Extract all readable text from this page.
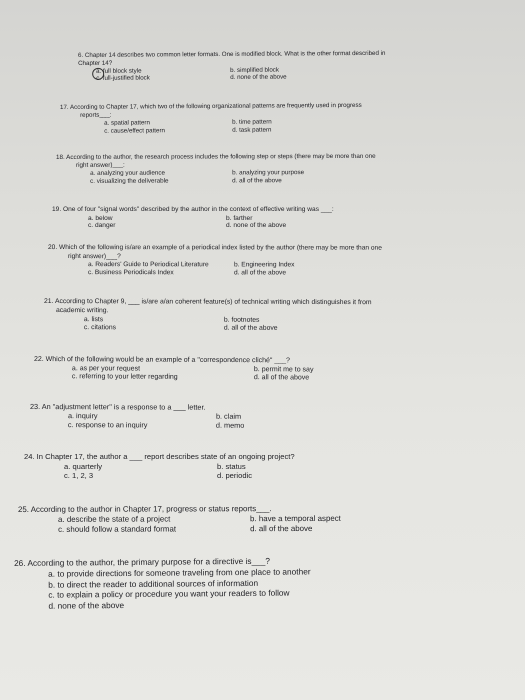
6. Chapter 14 describes two common letter formats. One is modified block. What is the other format described in
Chapter 14?
a. full block style	b. simplified block
c. full-justified block	d. none of the above
17. According to Chapter 17, which two of the following organizational patterns are frequently used in progress
reports___:
a. spatial pattern	b. time pattern
c. cause/effect pattern	d. task pattern
18. According to the author, the research process includes the following step or steps (there may be more than one
right answer)___:
a. analyzing your audience	b. analyzing your purpose
c. visualizing the deliverable	d. all of the above
19. One of four "signal words" described by the author in the context of effective writing was ___:
a. below	b. farther
c. danger	d. none of the above
20. Which of the following is/are an example of a periodical index listed by the author (there may be more than one
right answer)___?
a. Readers' Guide to Periodical Literature	b. Engineering Index
c. Business Periodicals Index	d. all of the above
21. According to Chapter 9, ___ is/are a/an coherent feature(s) of technical writing which distinguishes it from
academic writing.
a. lists	b. footnotes
c. citations	d. all of the above
22. Which of the following would be an example of a "correspondence cliché" ___?
a. as per your request	b. permit me to say
c. referring to your letter regarding	d. all of the above
23. An "adjustment letter" is a response to a ___ letter.
a. inquiry	b. claim
c. response to an inquiry	d. memo
24. In Chapter 17, the author a ___ report describes state of an ongoing project?
a. quarterly	b. status
c. 1, 2, 3	d. periodic
25. According to the author in Chapter 17, progress or status reports___.
a. describe the state of a project	b. have a temporal aspect
c. should follow a standard format	d. all of the above
26. According to the author, the primary purpose for a directive is___?
a. to provide directions for someone traveling from one place to another
b. to direct the reader to additional sources of information
c. to explain a policy or procedure you want your readers to follow
d. none of the above
